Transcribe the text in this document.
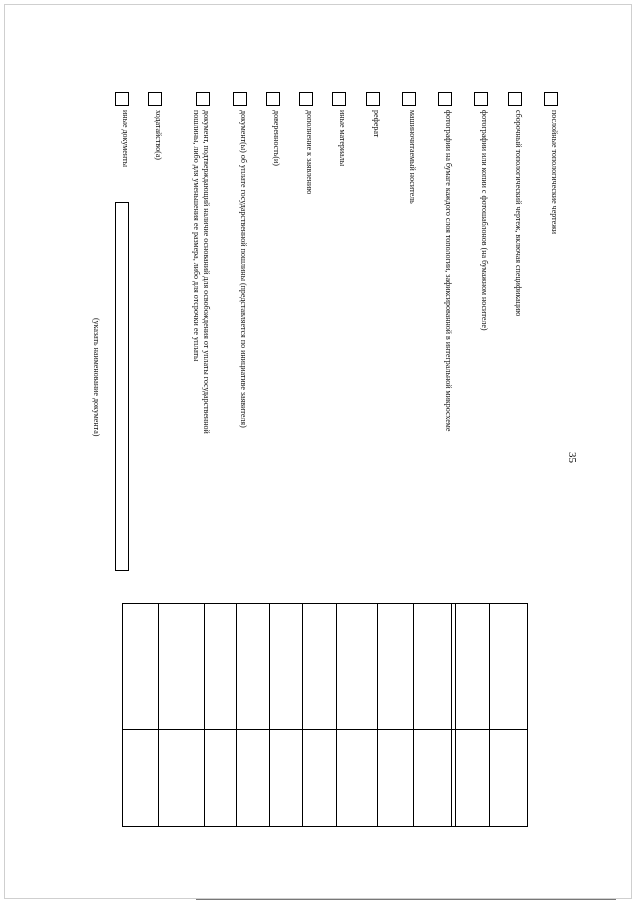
35
послойные топологические чертежи
сборочный топологический чертеж, включая спецификацию
фотографии или копии с фотошаблонов (на бумажном носителе)
фотографии на бумаге каждого слоя топологии, зафиксированной в интегральной микросхеме
машиночитаемый носитель
реферат
иные материалы
дополнение к заявлению
доверенность(и)
документ(ы) об уплате государственной пошлины (представляется по инициативе заявителя)
документ, подтверждающий наличие оснований для освобождения от уплаты государственной
пошлины, либо для уменьшения ее размера, либо для отсрочки ее уплаты
ходатайство(а)
иные документы
(указать наименование документа)
